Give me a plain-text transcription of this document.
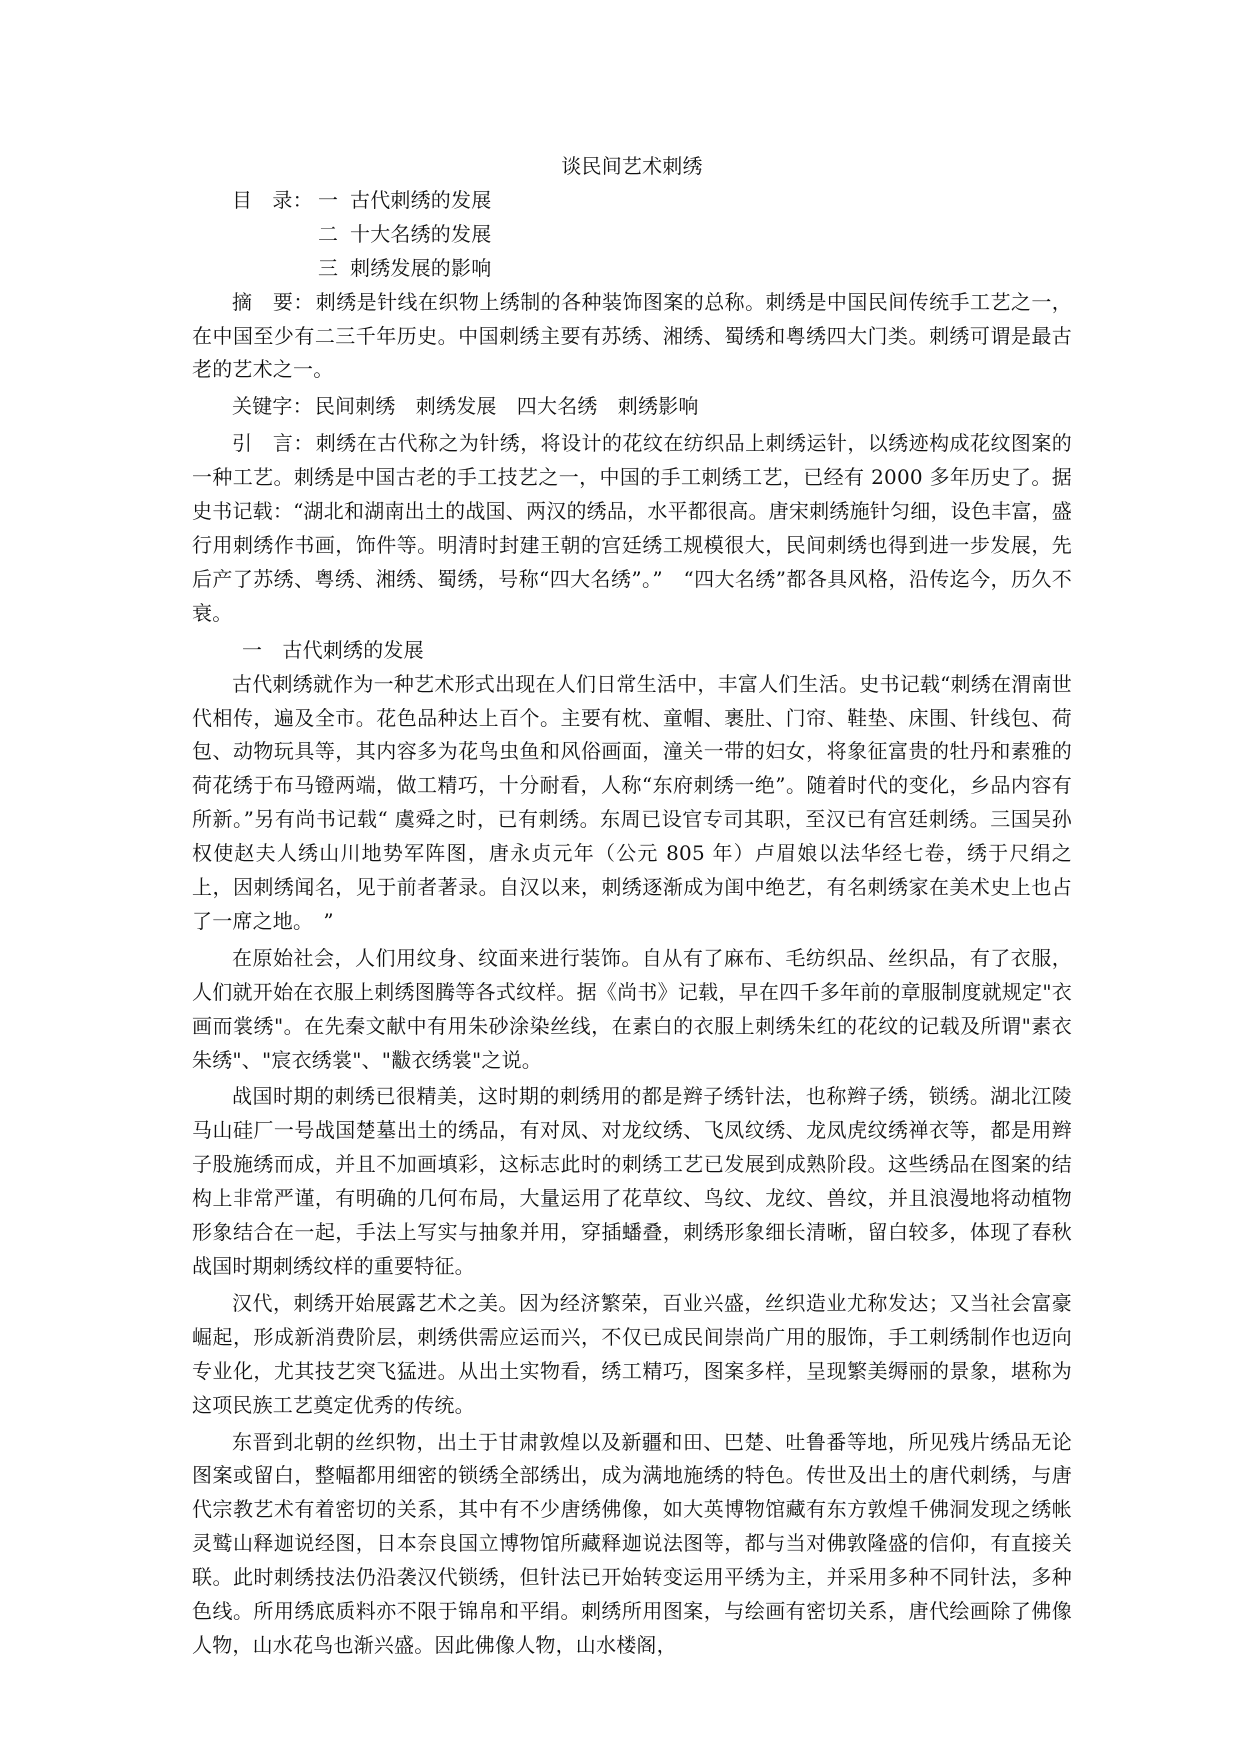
谈民间艺术刺绣

目　录： 一 古代刺绣的发展

二 十大名绣的发展

三 刺绣发展的影响

摘　要： 刺绣是针线在织物上绣制的各种装饰图案的总称。刺绣是中国民间传统手工艺之一，在中国至少有二三千年历史。中国刺绣主要有苏绣、湘绣、蜀绣和粤绣四大门类。刺绣可谓是最古老的艺术之一。

关键字： 民间刺绣　刺绣发展　四大名绣　刺绣影响

引　言： 刺绣在古代称之为针绣，将设计的花纹在纺织品上刺绣运针，以绣迹构成花纹图案的一种工艺。刺绣是中国古老的手工技艺之一，中国的手工刺绣工艺，已经有 2000 多年历史了。据史书记载：“湖北和湖南出土的战国、两汉的绣品，水平都很高。唐宋刺绣施针匀细，设色丰富，盛行用刺绣作书画，饰件等。明清时封建王朝的宫廷绣工规模很大，民间刺绣也得到进一步发展，先后产了苏绣、粤绣、湘绣、蜀绣，号称“四大名绣”。”　“四大名绣”都各具风格，沿传迄今，历久不衰。

一　古代刺绣的发展

古代刺绣就作为一种艺术形式出现在人们日常生活中，丰富人们生活。史书记载“刺绣在渭南世代相传，遍及全市。花色品种达上百个。主要有枕、童帽、裹肚、门帘、鞋垫、床围、针线包、荷包、动物玩具等，其内容多为花鸟虫鱼和风俗画面，潼关一带的妇女，将象征富贵的牡丹和素雅的荷花绣于布马镫两端，做工精巧，十分耐看，人称“东府刺绣一绝”。随着时代的变化，乡品内容有所新。”另有尚书记载“ 虞舜之时，已有刺绣。东周已设官专司其职，至汉已有宫廷刺绣。三国吴孙权使赵夫人绣山川地势军阵图，唐永贞元年（公元 805 年）卢眉娘以法华经七卷，绣于尺绢之上，因刺绣闻名，见于前者著录。自汉以来，刺绣逐渐成为闺中绝艺，有名刺绣家在美术史上也占了一席之地。　”

在原始社会，人们用纹身、纹面来进行装饰。自从有了麻布、毛纺织品、丝织品，有了衣服，人们就开始在衣服上刺绣图腾等各式纹样。据《尚书》记载，早在四千多年前的章服制度就规定"衣画而裳绣"。在先秦文献中有用朱砂涂染丝线，在素白的衣服上刺绣朱红的花纹的记载及所谓"素衣朱绣"、"宸衣绣裳"、"黻衣绣裳"之说。

战国时期的刺绣已很精美，这时期的刺绣用的都是辫子绣针法，也称辫子绣，锁绣。湖北江陵马山硅厂一号战国楚墓出土的绣品，有对凤、对龙纹绣、飞凤纹绣、龙凤虎纹绣禅衣等，都是用辫子股施绣而成，并且不加画填彩，这标志此时的刺绣工艺已发展到成熟阶段。这些绣品在图案的结构上非常严谨，有明确的几何布局，大量运用了花草纹、鸟纹、龙纹、兽纹，并且浪漫地将动植物形象结合在一起，手法上写实与抽象并用，穿插蟠叠，刺绣形象细长清晰，留白较多，体现了春秋战国时期刺绣纹样的重要特征。

汉代，刺绣开始展露艺术之美。因为经济繁荣，百业兴盛，丝织造业尤称发达；又当社会富豪崛起，形成新消费阶层，刺绣供需应运而兴，不仅已成民间崇尚广用的服饰，手工刺绣制作也迈向专业化，尤其技艺突飞猛进。从出土实物看，绣工精巧，图案多样，呈现繁美缛丽的景象，堪称为这项民族工艺奠定优秀的传统。

东晋到北朝的丝织物，出土于甘肃敦煌以及新疆和田、巴楚、吐鲁番等地，所见残片绣品无论图案或留白，整幅都用细密的锁绣全部绣出，成为满地施绣的特色。传世及出土的唐代刺绣，与唐代宗教艺术有着密切的关系，其中有不少唐绣佛像，如大英博物馆藏有东方敦煌千佛洞发现之绣帐灵鹫山释迦说经图，日本奈良国立博物馆所藏释迦说法图等，都与当对佛敦隆盛的信仰，有直接关联。此时刺绣技法仍沿袭汉代锁绣，但针法已开始转变运用平绣为主，并采用多种不同针法，多种色线。所用绣底质料亦不限于锦帛和平绢。刺绣所用图案，与绘画有密切关系，唐代绘画除了佛像人物，山水花鸟也渐兴盛。因此佛像人物，山水楼阁，
